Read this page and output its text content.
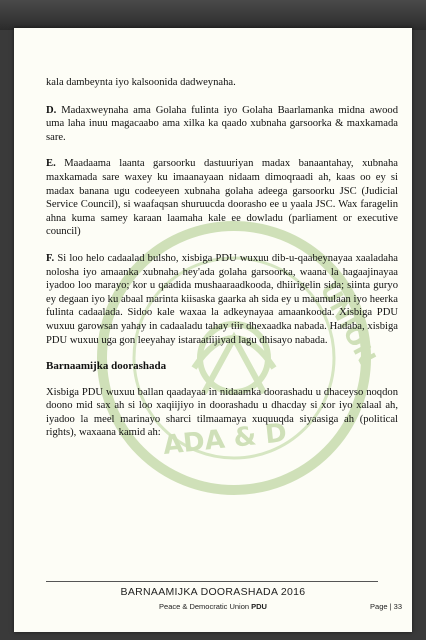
UNION
ADA & D

kala dambeynta iyo kalsoonida dadweynaha.

D. Madaxweynaha ama Golaha fulinta iyo Golaha Baarlamanka midna awood uma laha inuu magacaabo ama xilka ka qaado xubnaha garsoorka & maxkamada sare.

E. Maadaama laanta garsoorku dastuuriyan madax banaantahay, xubnaha maxkamada sare waxey ku imaanayaan nidaam dimoqraadi ah, kaas oo ey si madax banana ugu codeeyeen xubnaha golaha adeega garsoorku JSC (Judicial Service Council), si waafaqsan shuruucda doorasho ee u yaala JSC. Wax faragelin ahna kuma samey karaan laamaha kale ee dowladu (parliament or executive council)

F. Si loo helo cadaalad bulsho, xisbiga PDU wuxuu dib-u-qaabeynayaa xaaladaha nolosha iyo amaanka xubnaha hey'ada golaha garsoorka, waana la hagaajinayaa iyadoo loo marayo; kor u qaadida mushaaraadkooda, dhiirigelin sida; siinta guryo ey degaan iyo ku abaal marinta kiisaska gaarka ah sida ey u maamulaan iyo heerka fulinta cadaalada. Sidoo kale waxaa la adkeynayaa amaankooda. Xisbiga PDU wuxuu garowsan yahay in cadaaladu tahay tiir dhexaadka nabada. Hadaba, xisbiga PDU wuxuu uga gon leeyahay istaraatiijiyad lagu dhisayo nabada.

Barnaamijka doorashada

Xisbiga PDU wuxuu ballan qaadayaa in nidaamka doorashadu u dhaceyso noqdon doono mid sax ah si loo xaqiijiyo in doorashadu u dhacday si xor iyo xalaal ah, iyadoo la meel marinayo sharci tilmaamaya xuquuqda siyaasiga ah (political rights), waxaana kamid ah:

BARNAAMIJKA DOORASHADA 2016
Peace & Democratic Union PDU	Page | 33
